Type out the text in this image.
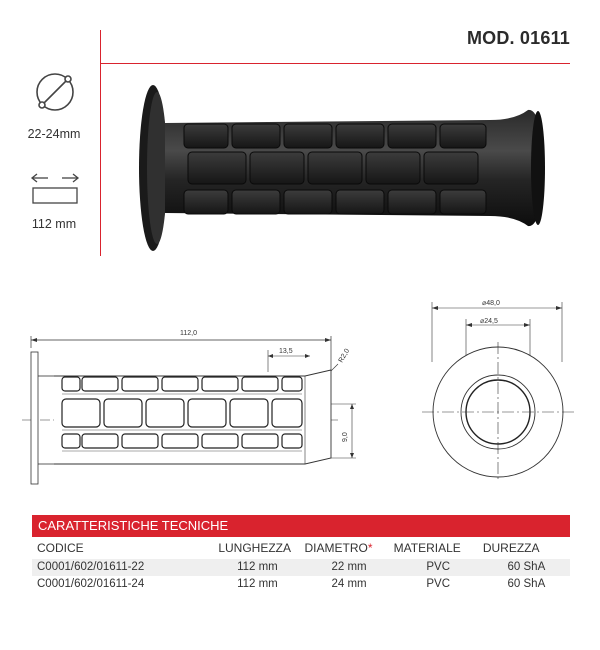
MOD. 01611
22-24mm
112 mm
112,0
13,5	R2,0
9,0
⌀48,0
⌀24,5
CARATTERISTICHE TECNICHE
CODICE	LUNGHEZZA	DIAMETRO*	MATERIALE	DUREZZA
C0001/602/01611-22	112 mm	22 mm	PVC	60 ShA
C0001/602/01611-24	112 mm	24 mm	PVC	60 ShA
